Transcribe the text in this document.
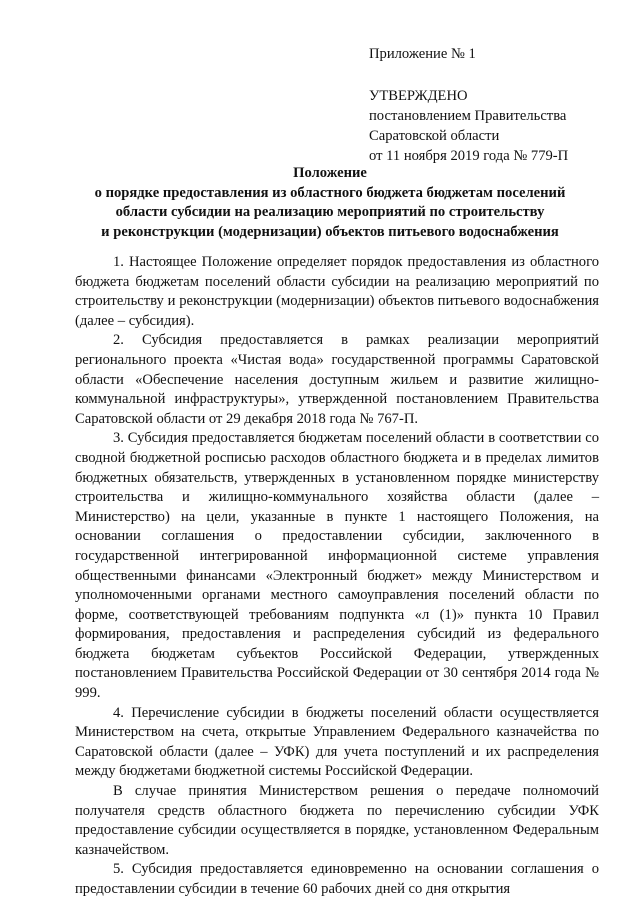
Приложение № 1
УТВЕРЖДЕНО
постановлением Правительства
Саратовской области
от 11 ноября 2019 года № 779-П
Положение
о порядке предоставления из областного бюджета бюджетам поселений
области субсидии на реализацию мероприятий по строительству
и реконструкции (модернизации) объектов питьевого водоснабжения

1. Настоящее Положение определяет порядок предоставления из областного бюджета бюджетам поселений области субсидии на реализацию мероприятий по строительству и реконструкции (модернизации) объектов питьевого водоснабжения (далее – субсидия).

2. Субсидия предоставляется в рамках реализации мероприятий регионального проекта «Чистая вода» государственной программы Саратовской области «Обеспечение населения доступным жильем и развитие жилищно-коммунальной инфраструктуры», утвержденной постановлением Правительства Саратовской области от 29 декабря 2018 года № 767-П.

3. Субсидия предоставляется бюджетам поселений области в соответствии со сводной бюджетной росписью расходов областного бюджета и в пределах лимитов бюджетных обязательств, утвержденных в установленном порядке министерству строительства и жилищно-коммунального хозяйства области (далее – Министерство) на цели, указанные в пункте 1 настоящего Положения, на основании соглашения о предоставлении субсидии, заключенного в государственной интегрированной информационной системе управления общественными финансами «Электронный бюджет» между Министерством и уполномоченными органами местного самоуправления поселений области по форме, соответствующей требованиям подпункта «л (1)» пункта 10 Правил формирования, предоставления и распределения субсидий из федерального бюджета бюджетам субъектов Российской Федерации, утвержденных постановлением Правительства Российской Федерации от 30 сентября 2014 года № 999.

4. Перечисление субсидии в бюджеты поселений области осуществляется Министерством на счета, открытые Управлением Федерального казначейства по Саратовской области (далее – УФК) для учета поступлений и их распределения между бюджетами бюджетной системы Российской Федерации.

В случае принятия Министерством решения о передаче полномочий получателя средств областного бюджета по перечислению субсидии УФК предоставление субсидии осуществляется в порядке, установленном Федеральным казначейством.

5. Субсидия предоставляется единовременно на основании соглашения о предоставлении субсидии в течение 60 рабочих дней со дня открытия
